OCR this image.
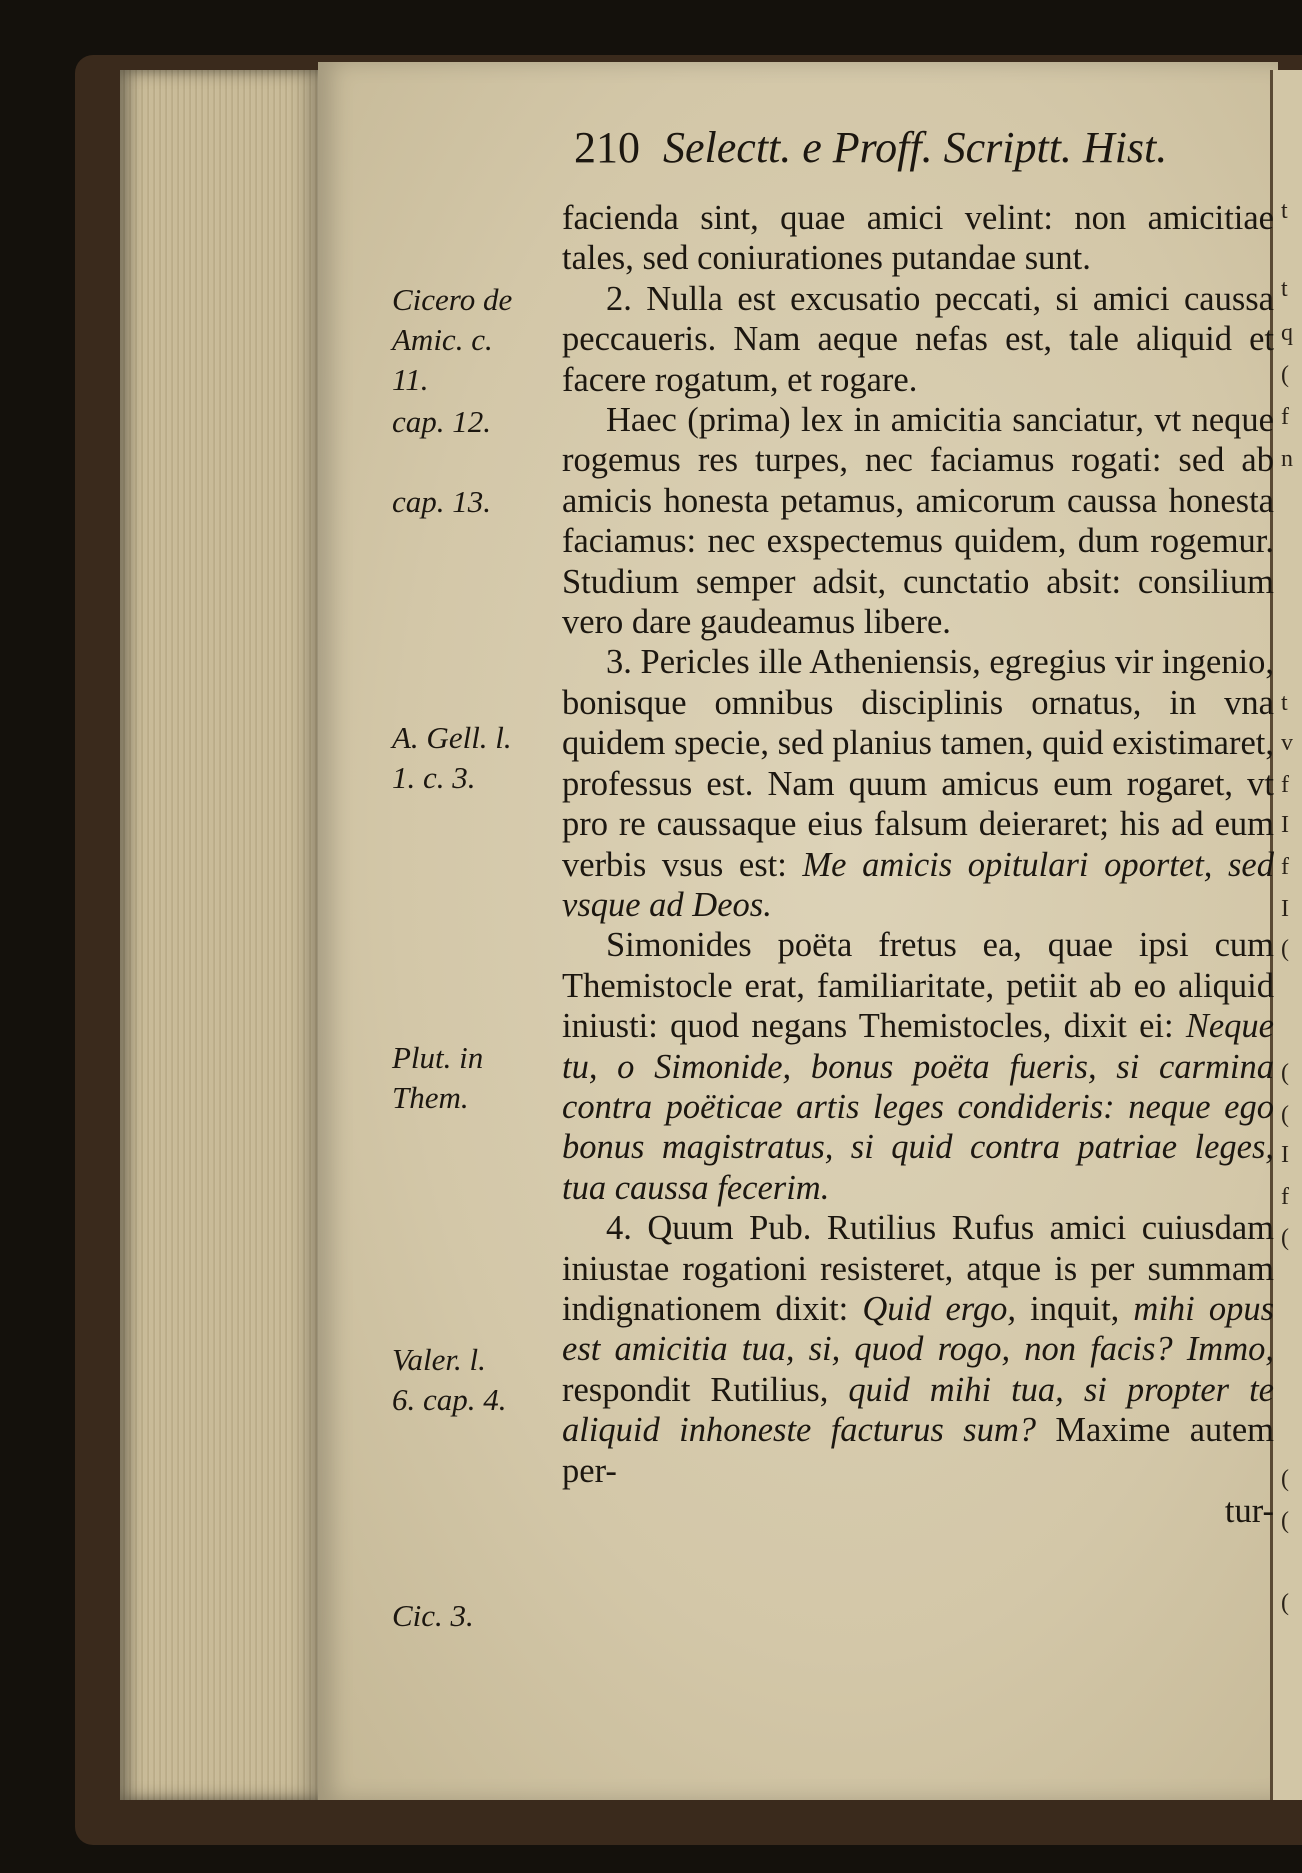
t
t
q
(
f
n
t
v
f
I
f
I
(
(
(
I
f
(
(
(
(
210 Selectt. e Proff. Scriptt. Hist.
Cicero de
Amic. c.
11.
cap. 12.
cap. 13.
A. Gell. l.
1. c. 3.
Plut. in
Them.
Valer. l.
6. cap. 4.
Cic. 3.

facienda sint, quae amici velint: non amicitiae tales, sed coniurationes putandae sunt.

2. Nulla est excusatio peccati, si amici caussa peccaueris. Nam aeque nefas est, tale aliquid et facere rogatum, et rogare.

Haec (prima) lex in amicitia sanciatur, vt neque rogemus res turpes, nec faciamus rogati: sed ab amicis honesta petamus, amicorum caussa honesta faciamus: nec exspectemus quidem, dum rogemur. Studium semper adsit, cunctatio absit: consilium vero dare gaudeamus libere.

3. Pericles ille Atheniensis, egregius vir ingenio, bonisque omnibus disciplinis ornatus, in vna quidem specie, sed planius tamen, quid existimaret, professus est. Nam quum amicus eum rogaret, vt pro re caussaque eius falsum deieraret; his ad eum verbis vsus est: Me amicis opitulari oportet, sed vsque ad Deos.

Simonides poëta fretus ea, quae ipsi cum Themistocle erat, familiaritate, petiit ab eo aliquid iniusti: quod negans Themistocles, dixit ei: Neque tu, o Simonide, bonus poëta fueris, si carmina contra poëticae artis leges condideris: neque ego bonus magistratus, si quid contra patriae leges, tua caussa fecerim.

4. Quum Pub. Rutilius Rufus amici cuiusdam iniustae rogationi resisteret, atque is per summam indignationem dixit: Quid ergo, inquit, mihi opus est amicitia tua, si, quod rogo, non facis? Immo, respondit Rutilius, quid mihi tua, si propter te aliquid inhoneste facturus sum? Maxime autem per-

tur-
